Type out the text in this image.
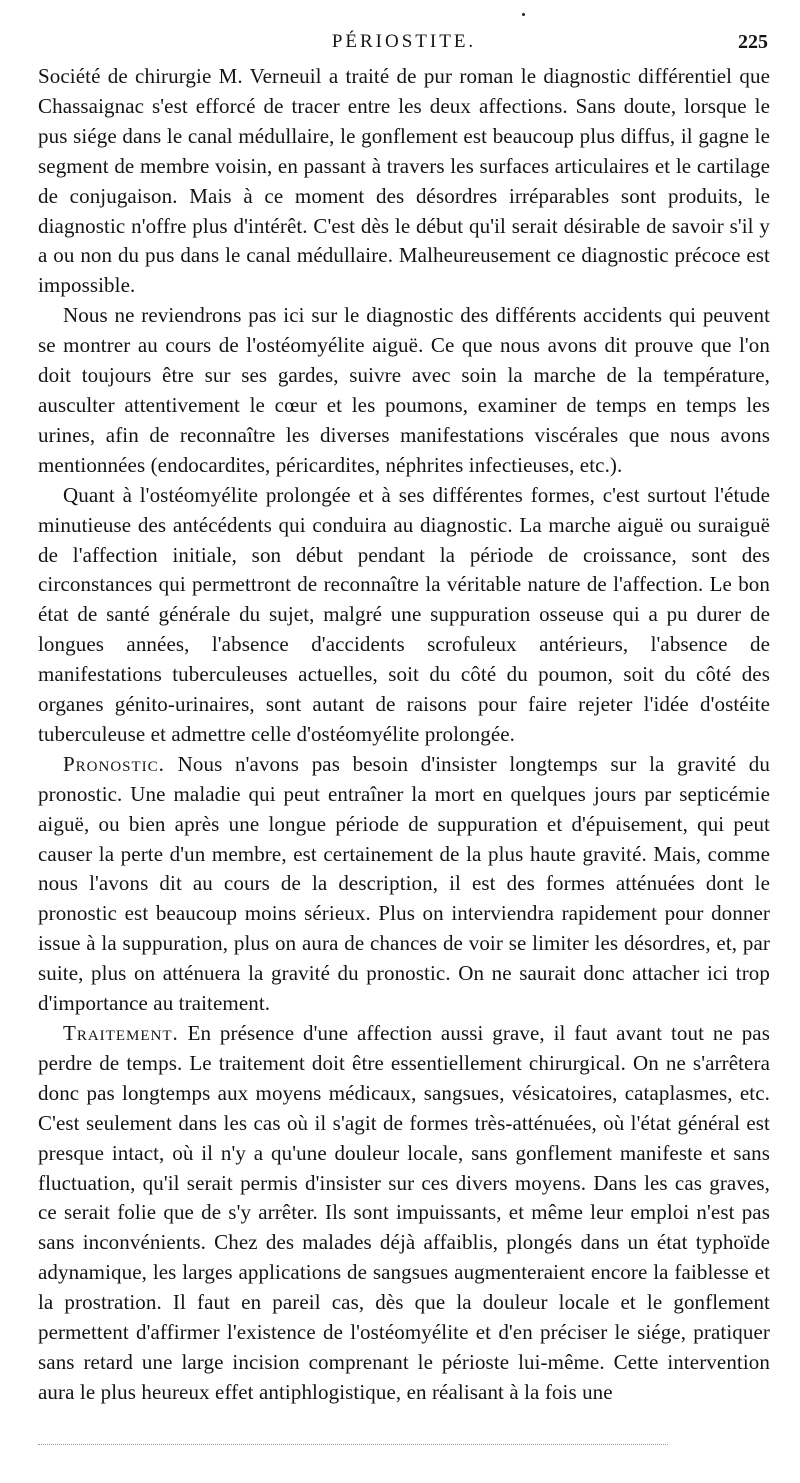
PÉRIOSTITE.	225

Société de chirurgie M. Verneuil a traité de pur roman le diagnostic différentiel que Chassaignac s'est efforcé de tracer entre les deux affections. Sans doute, lorsque le pus siége dans le canal médullaire, le gonflement est beaucoup plus diffus, il gagne le segment de membre voisin, en passant à travers les surfaces articulaires et le cartilage de conjugaison. Mais à ce moment des désordres irréparables sont produits, le diagnostic n'offre plus d'intérêt. C'est dès le début qu'il serait désirable de savoir s'il y a ou non du pus dans le canal médullaire. Malheureusement ce diagnostic précoce est impossible.

Nous ne reviendrons pas ici sur le diagnostic des différents accidents qui peuvent se montrer au cours de l'ostéomyélite aiguë. Ce que nous avons dit prouve que l'on doit toujours être sur ses gardes, suivre avec soin la marche de la température, ausculter attentivement le cœur et les poumons, examiner de temps en temps les urines, afin de reconnaître les diverses manifestations viscérales que nous avons mentionnées (endocardites, péricardites, néphrites infectieuses, etc.).

Quant à l'ostéomyélite prolongée et à ses différentes formes, c'est surtout l'étude minutieuse des antécédents qui conduira au diagnostic. La marche aiguë ou suraiguë de l'affection initiale, son début pendant la période de croissance, sont des circonstances qui permettront de reconnaître la véritable nature de l'affection. Le bon état de santé générale du sujet, malgré une suppuration osseuse qui a pu durer de longues années, l'absence d'accidents scrofuleux antérieurs, l'absence de manifestations tuberculeuses actuelles, soit du côté du poumon, soit du côté des organes génito-urinaires, sont autant de raisons pour faire rejeter l'idée d'ostéite tuberculeuse et admettre celle d'ostéomyélite prolongée.

Pronostic. Nous n'avons pas besoin d'insister longtemps sur la gravité du pronostic. Une maladie qui peut entraîner la mort en quelques jours par septicémie aiguë, ou bien après une longue période de suppuration et d'épuisement, qui peut causer la perte d'un membre, est certainement de la plus haute gravité. Mais, comme nous l'avons dit au cours de la description, il est des formes atténuées dont le pronostic est beaucoup moins sérieux. Plus on interviendra rapidement pour donner issue à la suppuration, plus on aura de chances de voir se limiter les désordres, et, par suite, plus on atténuera la gravité du pronostic. On ne saurait donc attacher ici trop d'importance au traitement.

Traitement. En présence d'une affection aussi grave, il faut avant tout ne pas perdre de temps. Le traitement doit être essentiellement chirurgical. On ne s'arrêtera donc pas longtemps aux moyens médicaux, sangsues, vésicatoires, cataplasmes, etc. C'est seulement dans les cas où il s'agit de formes très-atténuées, où l'état général est presque intact, où il n'y a qu'une douleur locale, sans gonflement manifeste et sans fluctuation, qu'il serait permis d'insister sur ces divers moyens. Dans les cas graves, ce serait folie que de s'y arrêter. Ils sont impuissants, et même leur emploi n'est pas sans inconvénients. Chez des malades déjà affaiblis, plongés dans un état typhoïde adynamique, les larges applications de sangsues augmenteraient encore la faiblesse et la prostration. Il faut en pareil cas, dès que la douleur locale et le gonflement permettent d'affirmer l'existence de l'ostéomyélite et d'en préciser le siége, pratiquer sans retard une large incision comprenant le périoste lui-même. Cette intervention aura le plus heureux effet antiphlogistique, en réalisant à la fois une
